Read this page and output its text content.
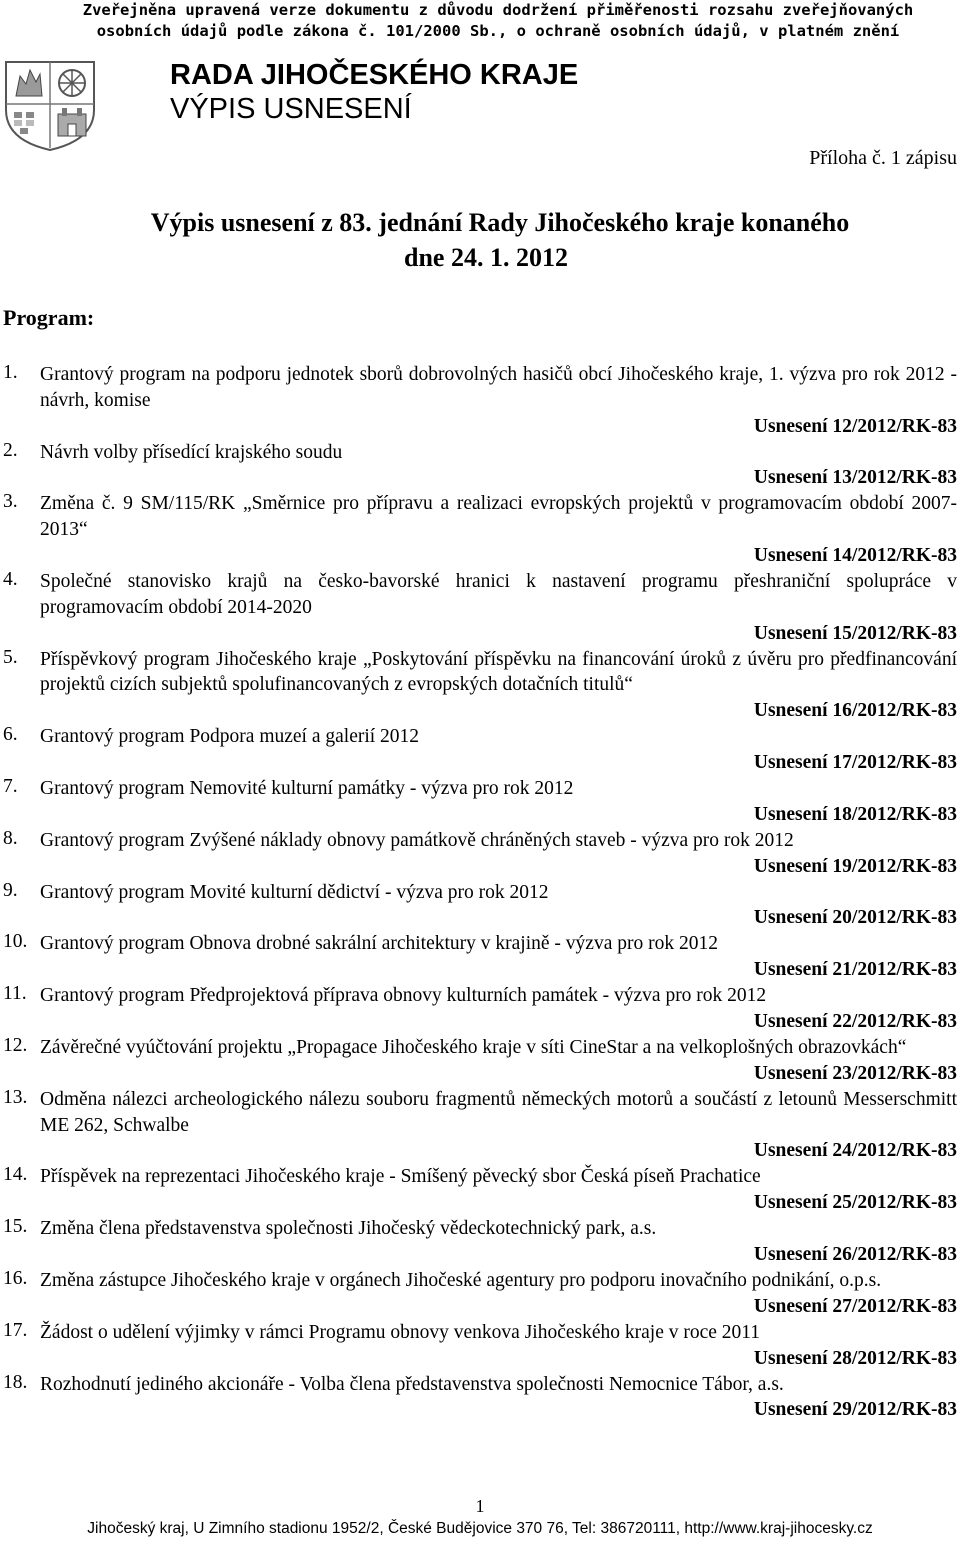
Zveřejněna upravená verze dokumentu z důvodu dodržení přiměřenosti rozsahu zveřejňovaných
osobních údajů podle zákona č. 101/2000 Sb., o ochraně osobních údajů, v platném znění
RADA JIHOČESKÉHO KRAJE
VÝPIS USNESENÍ
Příloha č. 1 zápisu
Výpis usnesení z 83. jednání Rady Jihočeského kraje konaného
dne 24. 1. 2012
Program:
1. Grantový program na podporu jednotek sborů dobrovolných hasičů obcí Jihočeského kraje, 1. výzva pro rok 2012 - návrh, komise
Usnesení 12/2012/RK-83
2. Návrh volby přísedící krajského soudu
Usnesení 13/2012/RK-83
3. Změna č. 9 SM/115/RK „Směrnice pro přípravu a realizaci evropských projektů v programovacím období 2007-2013“
Usnesení 14/2012/RK-83
4. Společné stanovisko krajů na česko-bavorské hranici k nastavení programu přeshraniční spolupráce v programovacím období 2014-2020
Usnesení 15/2012/RK-83
5. Příspěvkový program Jihočeského kraje „Poskytování příspěvku na financování úroků z úvěru pro předfinancování projektů cizích subjektů spolufinancovaných z evropských dotačních titulů“
Usnesení 16/2012/RK-83
6. Grantový program Podpora muzeí a galerií 2012
Usnesení 17/2012/RK-83
7. Grantový program Nemovité kulturní památky - výzva pro rok 2012
Usnesení 18/2012/RK-83
8. Grantový program Zvýšené náklady obnovy památkově chráněných staveb - výzva pro rok 2012
Usnesení 19/2012/RK-83
9. Grantový program Movité kulturní dědictví - výzva pro rok 2012
Usnesení 20/2012/RK-83
10. Grantový program Obnova drobné sakrální architektury v krajině - výzva pro rok 2012
Usnesení 21/2012/RK-83
11. Grantový program Předprojektová příprava obnovy kulturních památek - výzva pro rok 2012
Usnesení 22/2012/RK-83
12. Závěrečné vyúčtování projektu „Propagace Jihočeského kraje v síti CineStar a na velkoplošných obrazovkách“
Usnesení 23/2012/RK-83
13. Odměna nálezci archeologického nálezu souboru fragmentů německých motorů a součástí z letounů Messerschmitt ME 262, Schwalbe
Usnesení 24/2012/RK-83
14. Příspěvek na reprezentaci Jihočeského kraje - Smíšený pěvecký sbor Česká píseň Prachatice
Usnesení 25/2012/RK-83
15. Změna člena představenstva společnosti Jihočeský vědeckotechnický park, a.s.
Usnesení 26/2012/RK-83
16. Změna zástupce Jihočeského kraje v orgánech Jihočeské agentury pro podporu inovačního podnikání, o.p.s.
Usnesení 27/2012/RK-83
17. Žádost o udělení výjimky v rámci Programu obnovy venkova Jihočeského kraje v roce 2011
Usnesení 28/2012/RK-83
18. Rozhodnutí jediného akcionáře - Volba člena představenstva společnosti Nemocnice Tábor, a.s.
Usnesení 29/2012/RK-83
1
Jihočeský kraj, U Zimního stadionu 1952/2, České Budějovice 370 76, Tel: 386720111, http://www.kraj-jihocesky.cz
